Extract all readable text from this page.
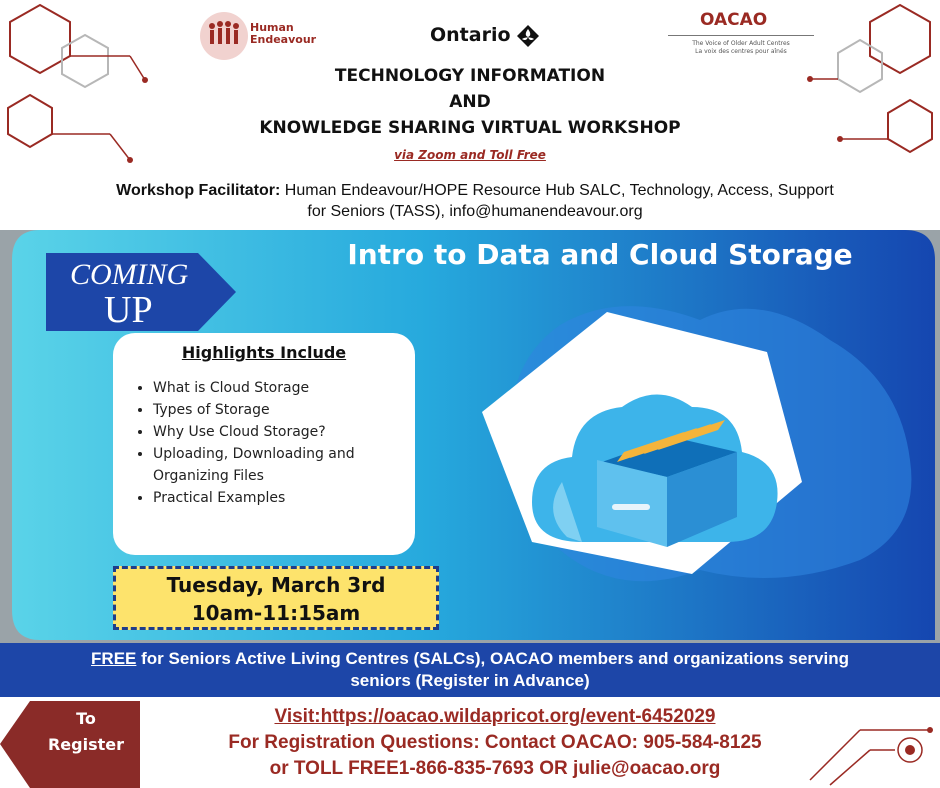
Human Endeavour	Ontario
OACAO
The Voice of Older Adult Centres
La voix des centres pour aînés
TECHNOLOGY INFORMATION
AND
KNOWLEDGE SHARING VIRTUAL WORKSHOP
via Zoom and Toll Free
Workshop Facilitator: Human Endeavour/HOPE Resource Hub SALC, Technology, Access, Support for Seniors (TASS), info@humanendeavour.org
COMING
UP
Intro to Data and Cloud Storage
Highlights Include
• What is Cloud Storage
• Types of Storage
• Why Use Cloud Storage?
• Uploading, Downloading and Organizing Files
• Practical Examples
Tuesday, March 3rd
10am-11:15am
FREE for Seniors Active Living Centres (SALCs), OACAO members and organizations serving seniors (Register in Advance)
To
Register
Visit:https://oacao.wildapricot.org/event-6452029
For Registration Questions: Contact OACAO: 905-584-8125
or TOLL FREE1-866-835-7693 OR julie@oacao.org
